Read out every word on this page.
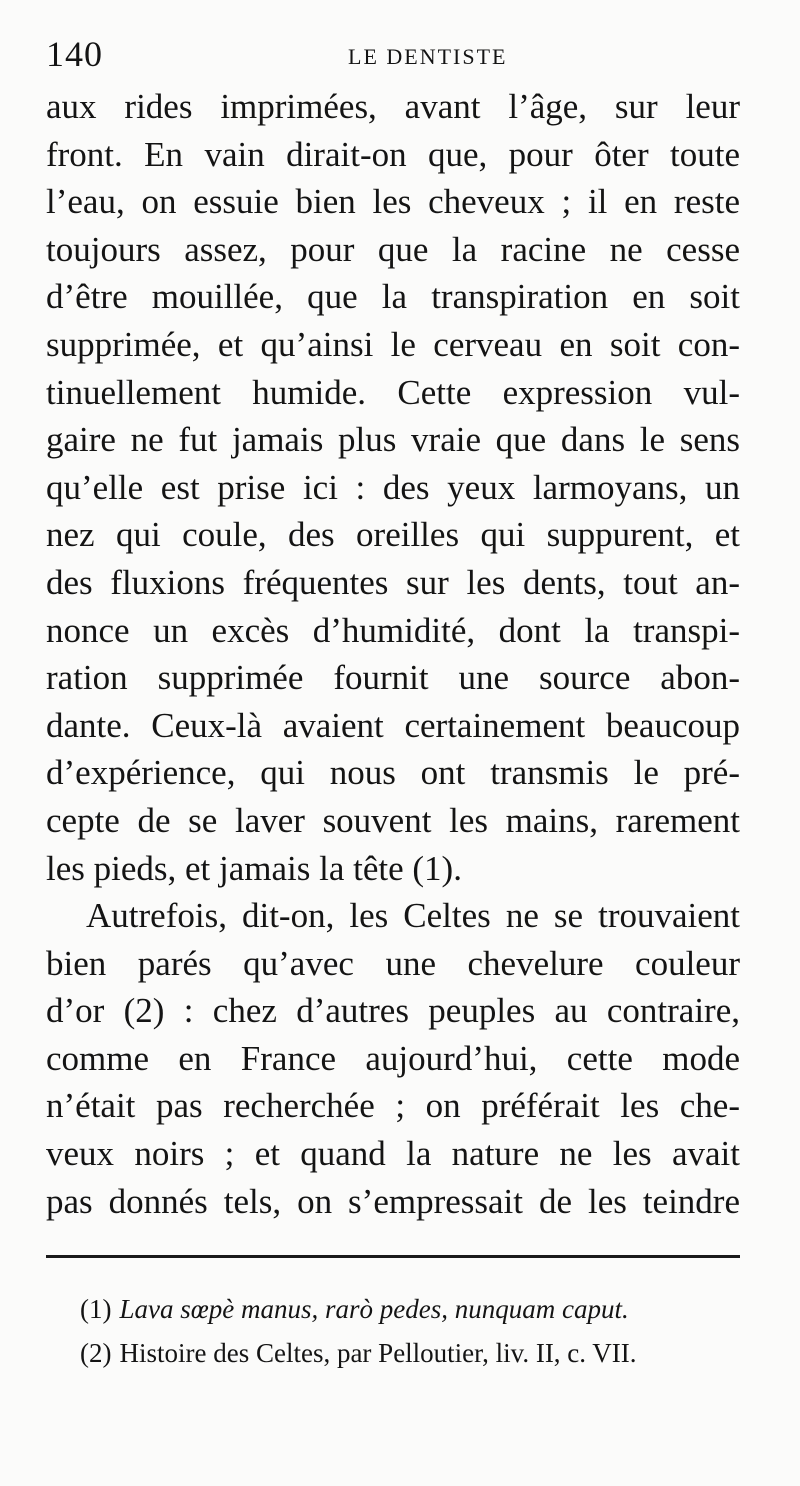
140	LE DENTISTE
aux rides imprimées, avant l’âge, sur leur
front. En vain dirait-on que, pour ôter toute
l’eau, on essuie bien les cheveux ; il en reste
toujours assez, pour que la racine ne cesse
d’être mouillée, que la transpiration en soit
supprimée, et qu’ainsi le cerveau en soit con-
tinuellement humide. Cette expression vul-
gaire ne fut jamais plus vraie que dans le sens
qu’elle est prise ici : des yeux larmoyans, un
nez qui coule, des oreilles qui suppurent, et
des fluxions fréquentes sur les dents, tout an-
nonce un excès d’humidité, dont la transpi-
ration supprimée fournit une source abon-
dante. Ceux-là avaient certainement beaucoup
d’expérience, qui nous ont transmis le pré-
cepte de se laver souvent les mains, rarement
les pieds, et jamais la tête (1).
Autrefois, dit-on, les Celtes ne se trouvaient
bien parés qu’avec une chevelure couleur
d’or (2) : chez d’autres peuples au contraire,
comme en France aujourd’hui, cette mode
n’était pas recherchée ; on préférait les che-
veux noirs ; et quand la nature ne les avait
pas donnés tels, on s’empressait de les teindre
(1) Lava sœpè manus, rarò pedes, nunquam caput.
(2) Histoire des Celtes, par Pelloutier, liv. II, c. VII.
